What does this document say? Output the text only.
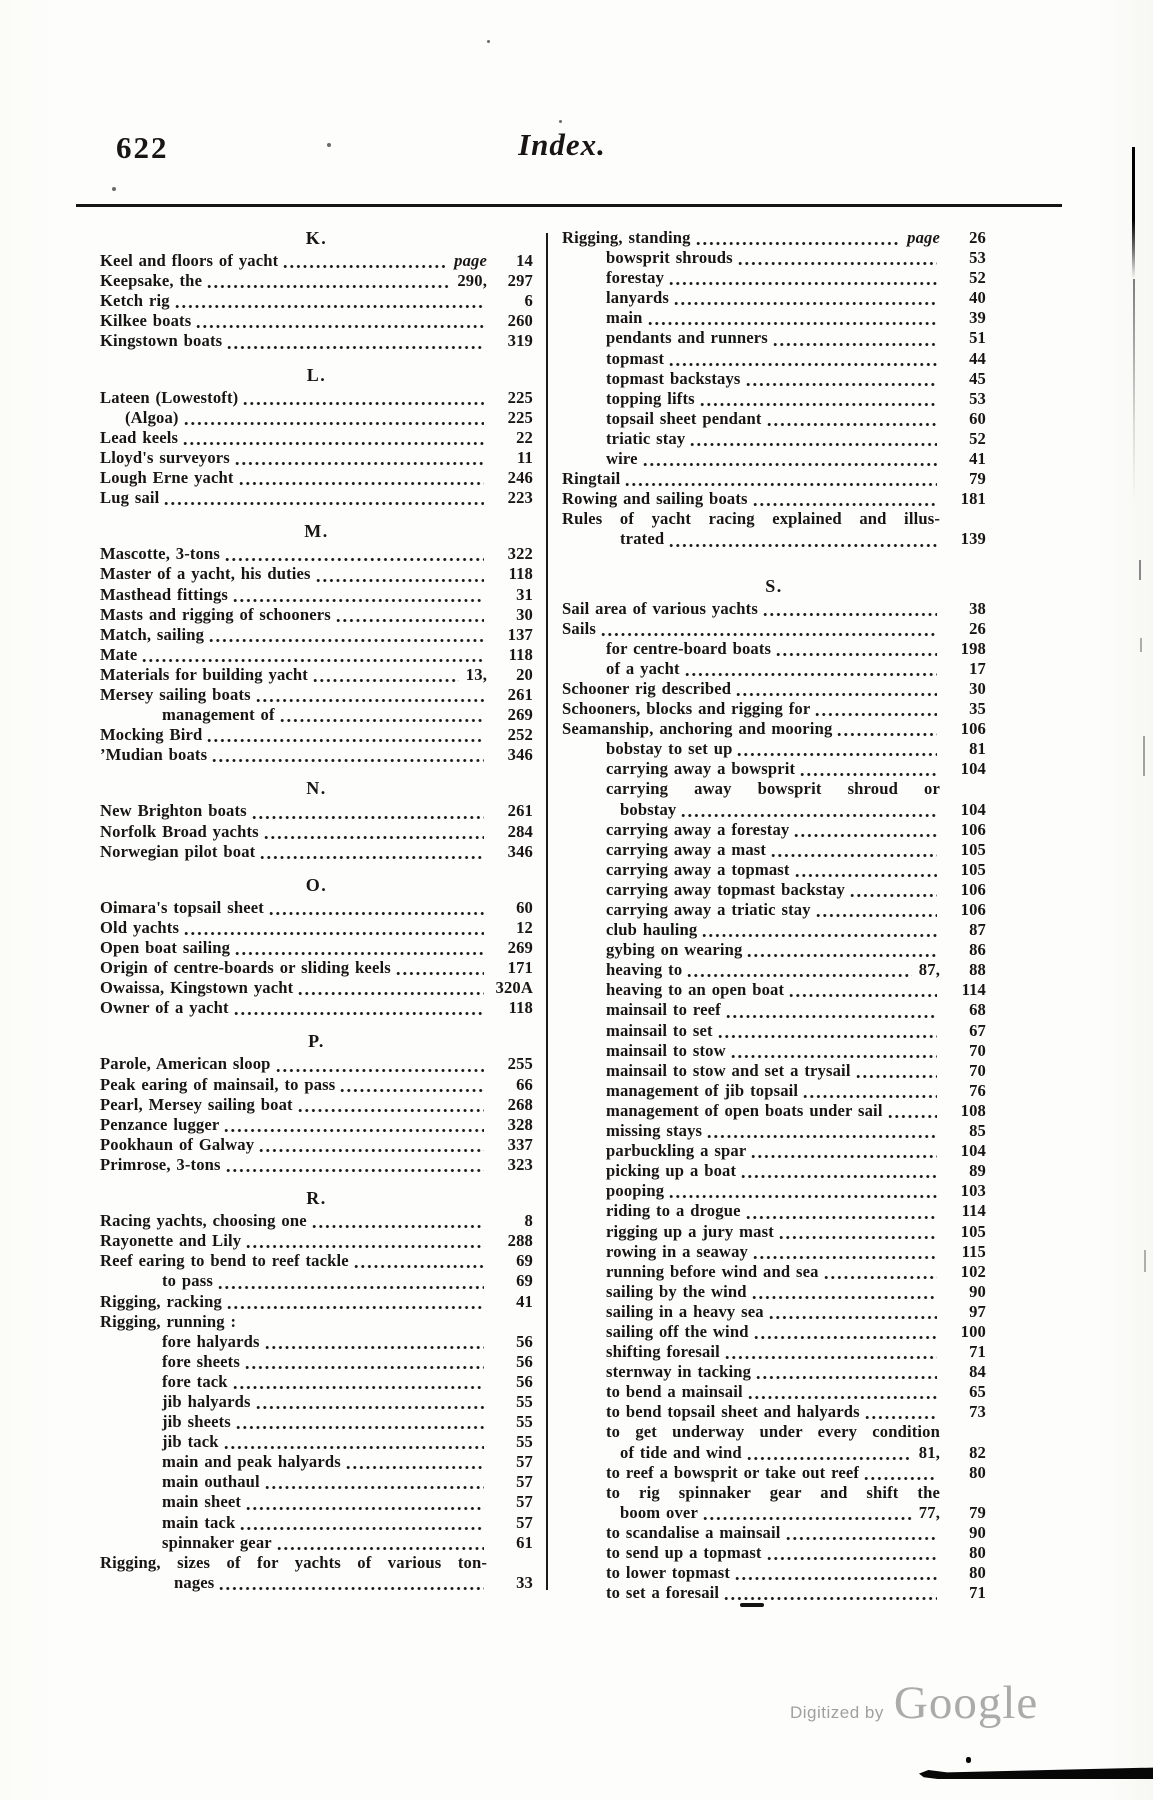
622	Index.
K.
Keel and floors of yacht	page	14
Keepsake, the	290,	297
Ketch rig	6
Kilkee boats	260
Kingstown boats	319
L.
Lateen (Lowestoft)	225
(Algoa)	225
Lead keels	22
Lloyd's surveyors	11
Lough Erne yacht	246
Lug sail	223
M.
Mascotte, 3-tons	322
Master of a yacht, his duties	118
Masthead fittings	31
Masts and rigging of schooners	30
Match, sailing	137
Mate	118
Materials for building yacht	13,	20
Mersey sailing boats	261
management of	269
Mocking Bird	252
’Mudian boats	346
N.
New Brighton boats	261
Norfolk Broad yachts	284
Norwegian pilot boat	346
O.
Oimara's topsail sheet	60
Old yachts	12
Open boat sailing	269
Origin of centre-boards or sliding keels	171
Owaissa, Kingstown yacht	320A
Owner of a yacht	118
P.
Parole, American sloop	255
Peak earing of mainsail, to pass	66
Pearl, Mersey sailing boat	268
Penzance lugger	328
Pookhaun of Galway	337
Primrose, 3-tons	323
R.
Racing yachts, choosing one	8
Rayonette and Lily	288
Reef earing to bend to reef tackle	69
to pass	69
Rigging, racking	41
Rigging, running :
fore halyards	56
fore sheets	56
fore tack	56
jib halyards	55
jib sheets	55
jib tack	55
main and peak halyards	57
main outhaul	57
main sheet	57
main tack	57
spinnaker gear	61
Rigging, sizes of for yachts of various ton-
nages	33
Rigging, standing	page	26
bowsprit shrouds	53
forestay	52
lanyards	40
main	39
pendants and runners	51
topmast	44
topmast backstays	45
topping lifts	53
topsail sheet pendant	60
triatic stay	52
wire	41
Ringtail	79
Rowing and sailing boats	181
Rules of yacht racing explained and illus-
trated	139
S.
Sail area of various yachts	38
Sails	26
for centre-board boats	198
of a yacht	17
Schooner rig described	30
Schooners, blocks and rigging for	35
Seamanship, anchoring and mooring	106
bobstay to set up	81
carrying away a bowsprit	104
carrying away bowsprit shroud or
bobstay	104
carrying away a forestay	106
carrying away a mast	105
carrying away a topmast	105
carrying away topmast backstay	106
carrying away a triatic stay	106
club hauling	87
gybing on wearing	86
heaving to	87,	88
heaving to an open boat	114
mainsail to reef	68
mainsail to set	67
mainsail to stow	70
mainsail to stow and set a trysail	70
management of jib topsail	76
management of open boats under sail	108
missing stays	85
parbuckling a spar	104
picking up a boat	89
pooping	103
riding to a drogue	114
rigging up a jury mast	105
rowing in a seaway	115
running before wind and sea	102
sailing by the wind	90
sailing in a heavy sea	97
sailing off the wind	100
shifting foresail	71
sternway in tacking	84
to bend a mainsail	65
to bend topsail sheet and halyards	73
to get underway under every condition
of tide and wind	81,	82
to reef a bowsprit or take out reef	80
to rig spinnaker gear and shift the
boom over	77,	79
to scandalise a mainsail	90
to send up a topmast	80
to lower topmast	80
to set a foresail	71
Digitized by Google
